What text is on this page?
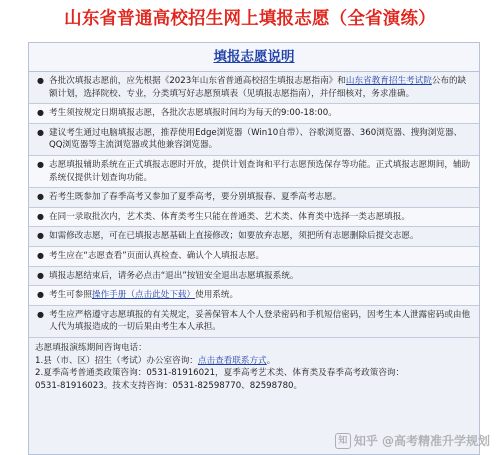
山东省普通高校招生网上填报志愿（全省演练）
填报志愿说明
● 各批次填报志愿前，应先根据《2023年山东省普通高校招生填报志愿指南》和山东省教育招生考试院公布的缺额计划，选择院校、专业，分类填写好志愿预填表（见填报志愿指南），并仔细核对，务求准确。
● 考生须按规定日期填报志愿，各批次志愿填报时间均为每天的9:00-18:00。
● 建议考生通过电脑填报志愿，推荐使用Edge浏览器（Win10自带）、谷歌浏览器、360浏览器、搜狗浏览器、QQ浏览器等主流浏览器或其他兼容浏览器。
● 志愿填报辅助系统在正式填报志愿时开放，提供计划查询和平行志愿预选保存等功能。正式填报志愿期间，辅助系统仅提供计划查询功能。
● 若考生既参加了春季高考又参加了夏季高考，要分别填报春、夏季高考志愿。
● 在同一录取批次内，艺术类、体育类考生只能在普通类、艺术类、体育类中选择一类志愿填报。
● 如需修改志愿，可在已填报志愿基础上直接修改；如要放弃志愿，须把所有志愿删除后提交志愿。
● 考生应在“志愿查看”页面认真检查、确认个人填报志愿。
● 填报志愿结束后，请务必点击“退出”按钮安全退出志愿填报系统。
● 考生可参照操作手册（点击此处下载）使用系统。
● 考生应严格遵守志愿填报的有关规定，妥善保管本人个人登录密码和手机短信密码，因考生本人泄露密码或由他人代为填报造成的一切后果由考生本人承担。
志愿填报演练期间咨询电话：
1.县（市、区）招生（考试）办公室咨询：点击查看联系方式。
2.夏季高考普通类政策咨询：0531-81916021，夏季高考艺术类、体育类及春季高考政策咨询：
0531-81916023。技术支持咨询：0531-82598770、82598780。
知 知乎 @高考精准升学规划
